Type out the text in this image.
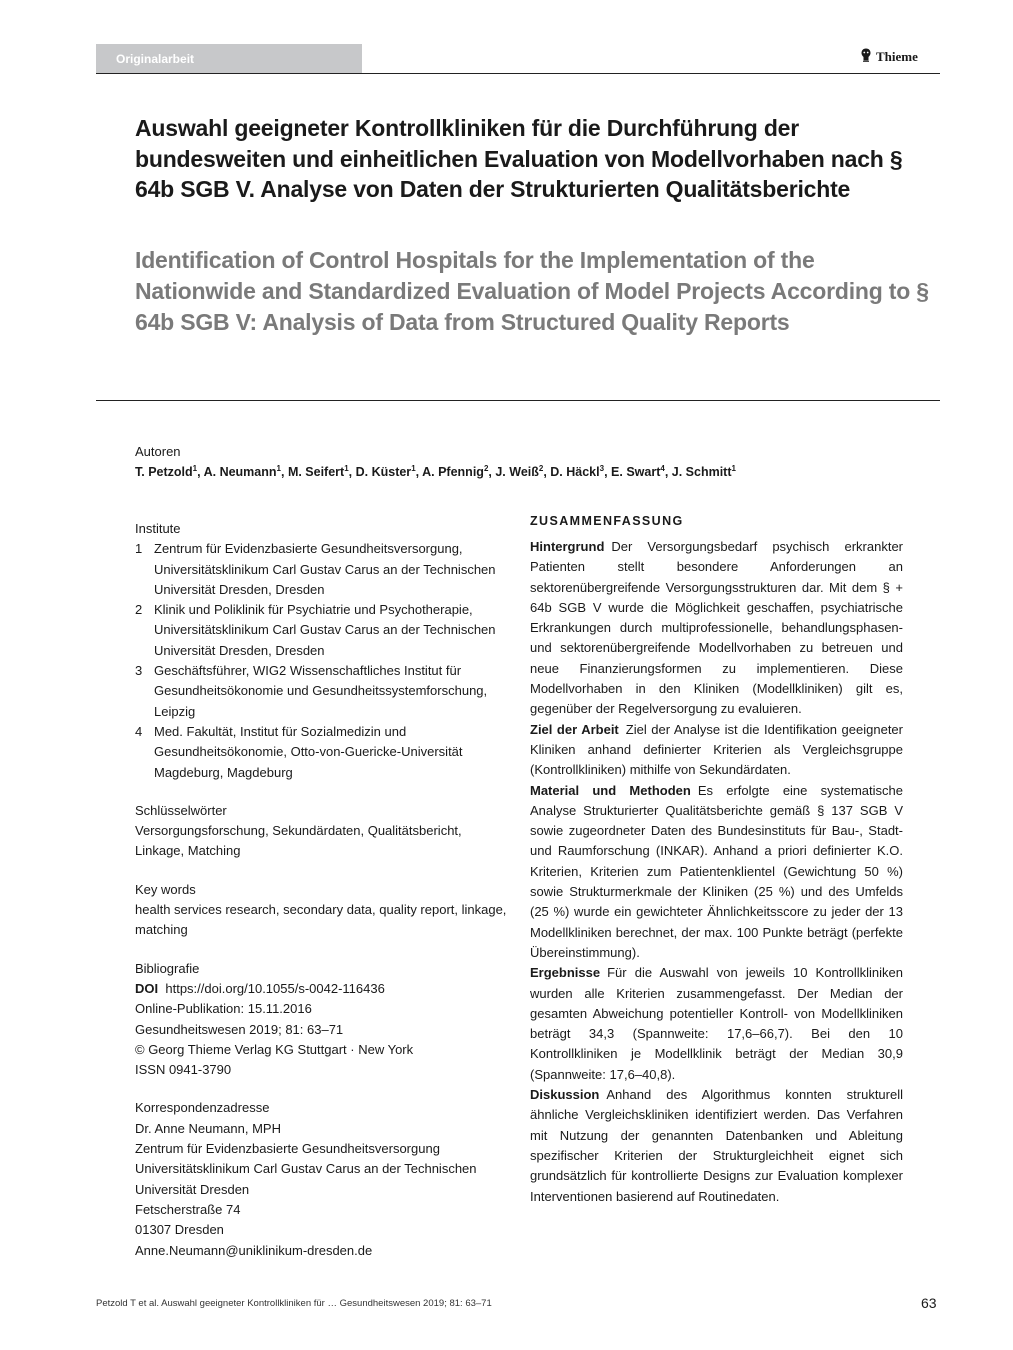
Originalarbeit	Thieme
Auswahl geeigneter Kontrollkliniken für die Durchführung der bundesweiten und einheitlichen Evaluation von Modellvorhaben nach § 64b SGB V. Analyse von Daten der Strukturierten Qualitätsberichte
Identification of Control Hospitals for the Implementation of the Nationwide and Standardized Evaluation of Model Projects According to § 64b SGB V: Analysis of Data from Structured Quality Reports
Autoren
T. Petzold$^1$, A. Neumann$^1$, M. Seifert$^1$, D. Küster$^1$, A. Pfennig$^2$, J. Weiß$^2$, D. Häckl$^3$, E. Swart$^4$, J. Schmitt$^1$

Institute

1 Zentrum für Evidenzbasierte Gesundheitsversorgung, Universitätsklinikum Carl Gustav Carus an der Technischen Universität Dresden, Dresden
2 Klinik und Poliklinik für Psychiatrie und Psychotherapie, Universitätsklinikum Carl Gustav Carus an der Technischen Universität Dresden, Dresden
3 Geschäftsführer, WIG2 Wissenschaftliches Institut für Gesundheitsökonomie und Gesundheitssystemforschung, Leipzig
4 Med. Fakultät, Institut für Sozialmedizin und Gesundheitsökonomie, Otto-von-Guericke-Universität Magdeburg, Magdeburg

Schlüsselwörter

Versorgungsforschung, Sekundärdaten, Qualitätsbericht, Linkage, Matching

Key words

health services research, secondary data, quality report, linkage, matching

Bibliografie

DOI https://doi.org/10.1055/s-0042-116436

Online-Publikation: 15.11.2016

Gesundheitswesen 2019; 81: 63–71

© Georg Thieme Verlag KG Stuttgart · New York

ISSN 0941-3790

Korrespondenzadresse

Dr. Anne Neumann, MPH

Zentrum für Evidenzbasierte Gesundheitsversorgung

Universitätsklinikum Carl Gustav Carus an der Technischen Universität Dresden

Fetscherstraße 74

01307 Dresden

Anne.Neumann@uniklinikum-dresden.de

ZUSAMMENFASSUNG

Hintergrund Der Versorgungsbedarf psychisch erkrankter Patienten stellt besondere Anforderungen an sektorenübergreifende Versorgungsstrukturen dar. Mit dem § + 64b SGB V wurde die Möglichkeit geschaffen, psychiatrische Erkrankungen durch multiprofessionelle, behandlungsphasen- und sektorenübergreifende Modellvorhaben zu betreuen und neue Finanzierungsformen zu implementieren. Diese Modellvorhaben in den Kliniken (Modellkliniken) gilt es, gegenüber der Regelversorgung zu evaluieren.

Ziel der Arbeit Ziel der Analyse ist die Identifikation geeigneter Kliniken anhand definierter Kriterien als Vergleichsgruppe (Kontrollkliniken) mithilfe von Sekundärdaten.

Material und Methoden Es erfolgte eine systematische Analyse Strukturierter Qualitätsberichte gemäß § 137 SGB V sowie zugeordneter Daten des Bundesinstituts für Bau-, Stadt- und Raumforschung (INKAR). Anhand a priori definierter K.O. Kriterien, Kriterien zum Patientenklientel (Gewichtung 50 %) sowie Strukturmerkmale der Kliniken (25 %) und des Umfelds (25 %) wurde ein gewichteter Ähnlichkeitsscore zu jeder der 13 Modellkliniken berechnet, der max. 100 Punkte beträgt (perfekte Übereinstimmung).

Ergebnisse Für die Auswahl von jeweils 10 Kontrollkliniken wurden alle Kriterien zusammengefasst. Der Median der gesamten Abweichung potentieller Kontroll- von Modellkliniken beträgt 34,3 (Spannweite: 17,6–66,7). Bei den 10 Kontrollkliniken je Modellklinik beträgt der Median 30,9 (Spannweite: 17,6–40,8).

Diskussion Anhand des Algorithmus konnten strukturell ähnliche Vergleichskliniken identifiziert werden. Das Verfahren mit Nutzung der genannten Datenbanken und Ableitung spezifischer Kriterien der Strukturgleichheit eignet sich grundsätzlich für kontrollierte Designs zur Evaluation komplexer Interventionen basierend auf Routinedaten.

Petzold T et al. Auswahl geeigneter Kontrollkliniken für … Gesundheitswesen 2019; 81: 63–71	63
